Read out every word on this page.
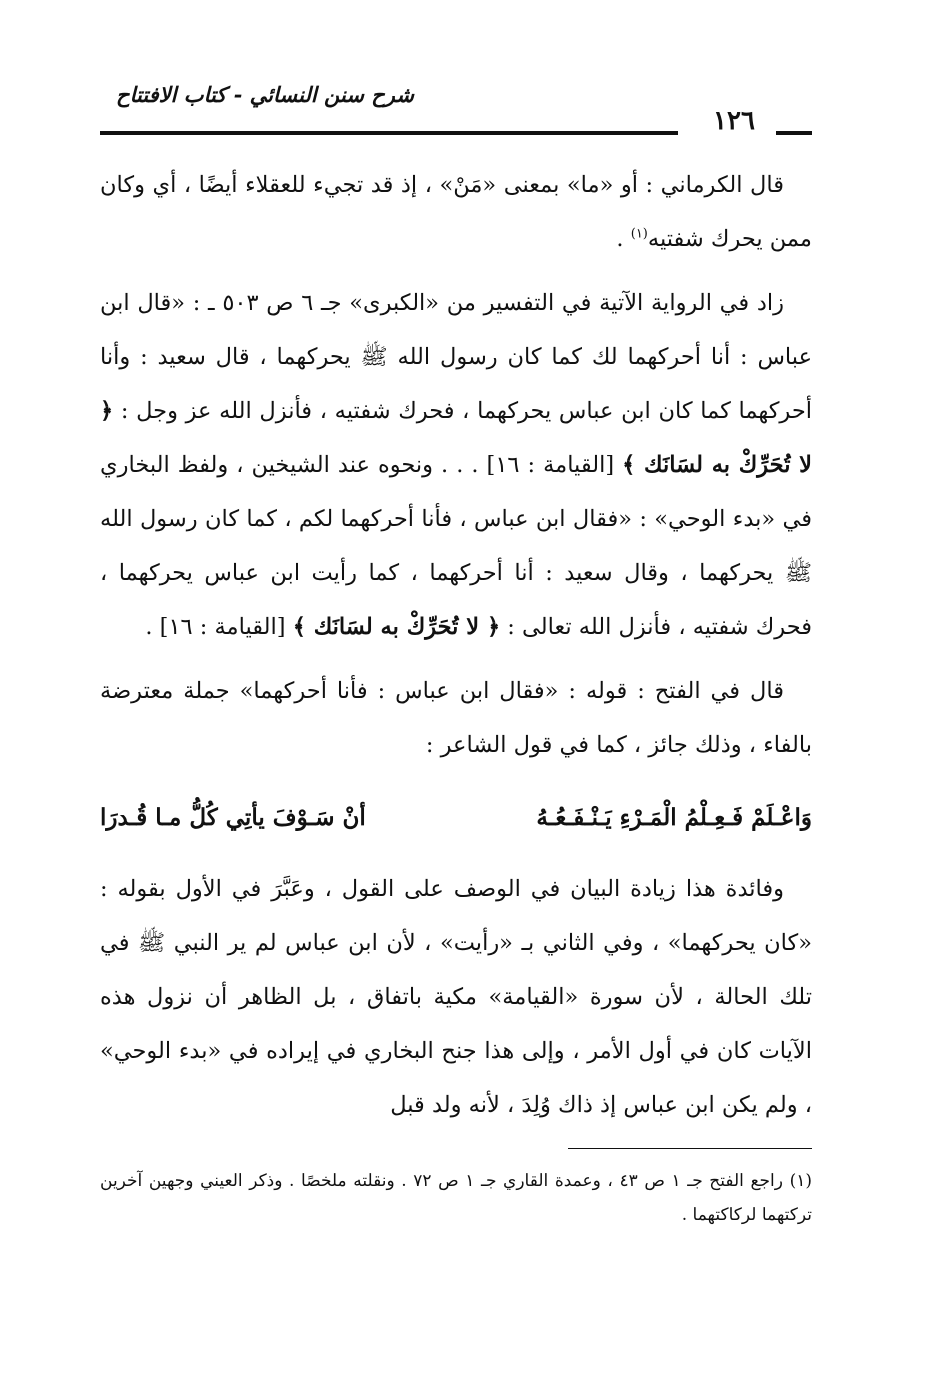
شرح سنن النسائي - كتاب الافتتاح
١٢٦

قال الكرماني : أو «ما» بمعنى «مَنْ» ، إذ قد تجيء للعقلاء أيضًا ، أي وكان ممن يحرك شفتيه$^{(١)}$ .

زاد في الرواية الآتية في التفسير من «الكبرى» جـ ٦ ص ٥٠٣ ـ : «قال ابن عباس : أنا أحركهما لك كما كان رسول الله ﷺ يحركهما ، قال سعيد : وأنا أحركهما كما كان ابن عباس يحركهما ، فحرك شفتيه ، فأنزل الله عز وجل : ﴿ لا تُحَرِّكْ به لسَانَك ﴾ [القيامة : ١٦] . . . ونحوه عند الشيخين ، ولفظ البخاري في «بدء الوحي» : «فقال ابن عباس ، فأنا أحركهما لكم ، كما كان رسول الله ﷺ يحركهما ، وقال سعيد : أنا أحركهما ، كما رأيت ابن عباس يحركهما ، فحرك شفتيه ، فأنزل الله تعالى : ﴿ لا تُحَرِّكْ به لسَانَك ﴾ [القيامة : ١٦] .

قال في الفتح : قوله : «فقال ابن عباس : فأنا أحركهما» جملة معترضة بالفاء ، وذلك جائز ، كما في قول الشاعر :

وَاعْـلَمْ فَـعِـلْمُ الْمَـرْءِ يَـنْـفَـعُـهُ
أنْ سَـوْفَ يأتِي كُلُّ مـا قُـدرَا

وفائدة هذا زيادة البيان في الوصف على القول ، وعَبَّرَ في الأول بقوله : «كان يحركهما» ، وفي الثاني بـ «رأيت» ، لأن ابن عباس لم ير النبي ﷺ في تلك الحالة ، لأن سورة «القيامة» مكية باتفاق ، بل الظاهر أن نزول هذه الآيات كان في أول الأمر ، وإلى هذا جنح البخاري في إيراده في «بدء الوحي» ، ولم يكن ابن عباس إذ ذاك وُلِدَ ، لأنه ولد قبل

(١) راجع الفتح جـ ١ ص ٤٣ ، وعمدة القاري جـ ١ ص ٧٢ . ونقلته ملخصًا . وذكر العيني وجهين آخرين تركتهما لركاكتهما .
